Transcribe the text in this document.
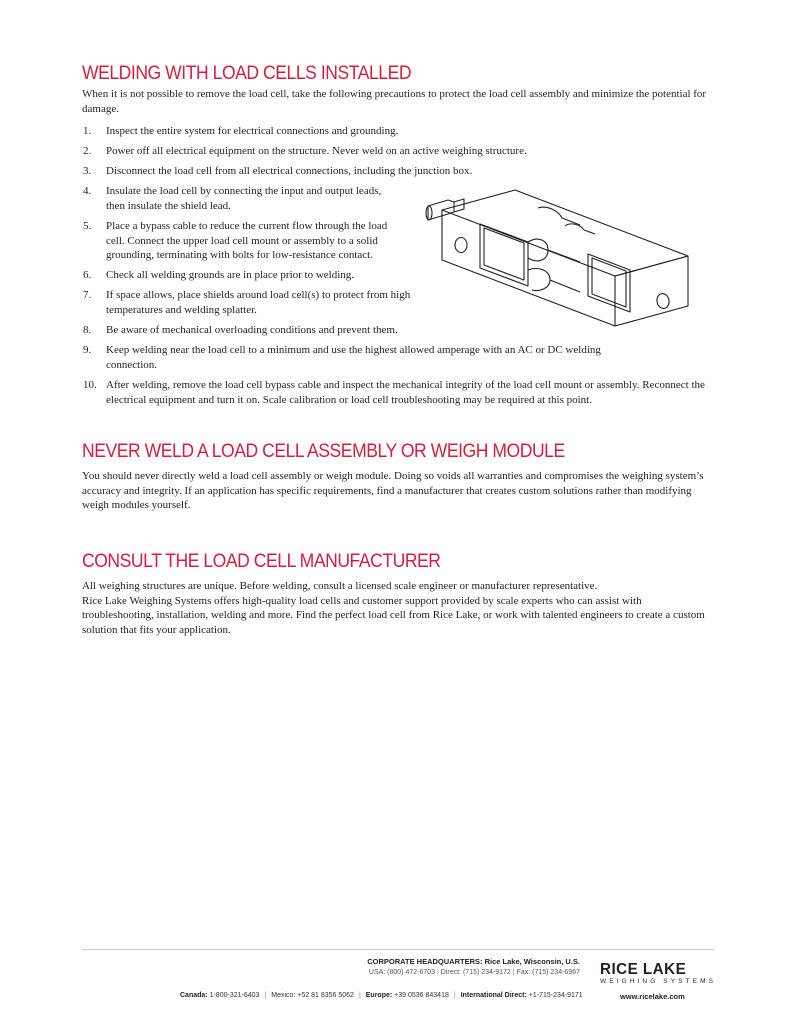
WELDING WITH LOAD CELLS INSTALLED

When it is not possible to remove the load cell, take the following precautions to protect the load cell assembly and minimize the potential for damage.

1. Inspect the entire system for electrical connections and grounding.
2. Power off all electrical equipment on the structure. Never weld on an active weighing structure.
3. Disconnect the load cell from all electrical connections, including the junction box.
4. Insulate the load cell by connecting the input and output leads, then insulate the shield lead.
5. Place a bypass cable to reduce the current flow through the load cell. Connect the upper load cell mount or assembly to a solid grounding, terminating with bolts for low-resistance contact.
6. Check all welding grounds are in place prior to welding.
7. If space allows, place shields around load cell(s) to protect from high temperatures and welding splatter.
8. Be aware of mechanical overloading conditions and prevent them.
9. Keep welding near the load cell to a minimum and use the highest allowed amperage with an AC or DC welding connection.
10. After welding, remove the load cell bypass cable and inspect the mechanical integrity of the load cell mount or assembly. Reconnect the electrical equipment and turn it on. Scale calibration or load cell troubleshooting may be required at this point.
NEVER WELD A LOAD CELL ASSEMBLY OR WEIGH MODULE

You should never directly weld a load cell assembly or weigh module. Doing so voids all warranties and compromises the weighing system’s accuracy and integrity. If an application has specific requirements, find a manufacturer that creates custom solutions rather than modifying weigh modules yourself.

CONSULT THE LOAD CELL MANUFACTURER

All weighing structures are unique. Before welding, consult a licensed scale engineer or manufacturer representative.

Rice Lake Weighing Systems offers high-quality load cells and customer support provided by scale experts who can assist with troubleshooting, installation, welding and more. Find the perfect load cell from Rice Lake, or work with talented engineers to create a custom solution that fits your application.

CORPORATE HEADQUARTERS: Rice Lake, Wisconsin, U.S.
USA: (800) 472-6703 | Direct: (715) 234-9172 | Fax: (715) 234-6967 RICE LAKE
WEIGHING SYSTEMS
Canada: 1-800-321-6403 | Mexico: +52 81 8356 5062 | Europe: +39 0536 843418 | International Direct: +1-715-234-9171	www.ricelake.com
